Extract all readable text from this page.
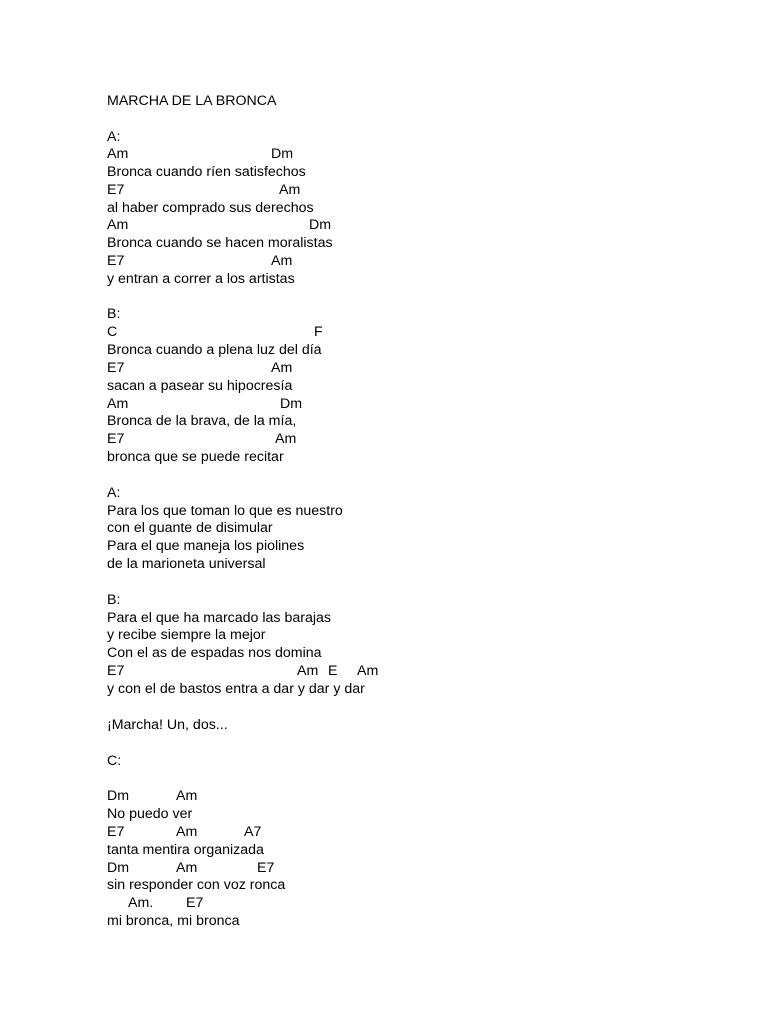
MARCHA DE LA BRONCA

A:

Am	Dm

Bronca cuando ríen satisfechos

E7	Am

al haber comprado sus derechos

Am	Dm

Bronca cuando se hacen moralistas

E7	Am

y entran a correr a los artistas

B:

C	F

Bronca cuando a plena luz del día

E7	Am

sacan a pasear su hipocresía

Am	Dm

Bronca de la brava, de la mía,

E7	Am

bronca que se puede recitar

A:

Para los que toman lo que es nuestro

con el guante de disimular

Para el que maneja los piolines

de la marioneta universal

B:

Para el que ha marcado las barajas

y recibe siempre la mejor

Con el as de espadas nos domina

E7	Am E Am

y con el de bastos entra a dar y dar y dar

¡Marcha! Un, dos...

C:

Dm	Am

No puedo ver

E7	Am	A7

tanta mentira organizada

Dm	Am	E7

sin responder con voz ronca

Am. E7

mi bronca, mi bronca
